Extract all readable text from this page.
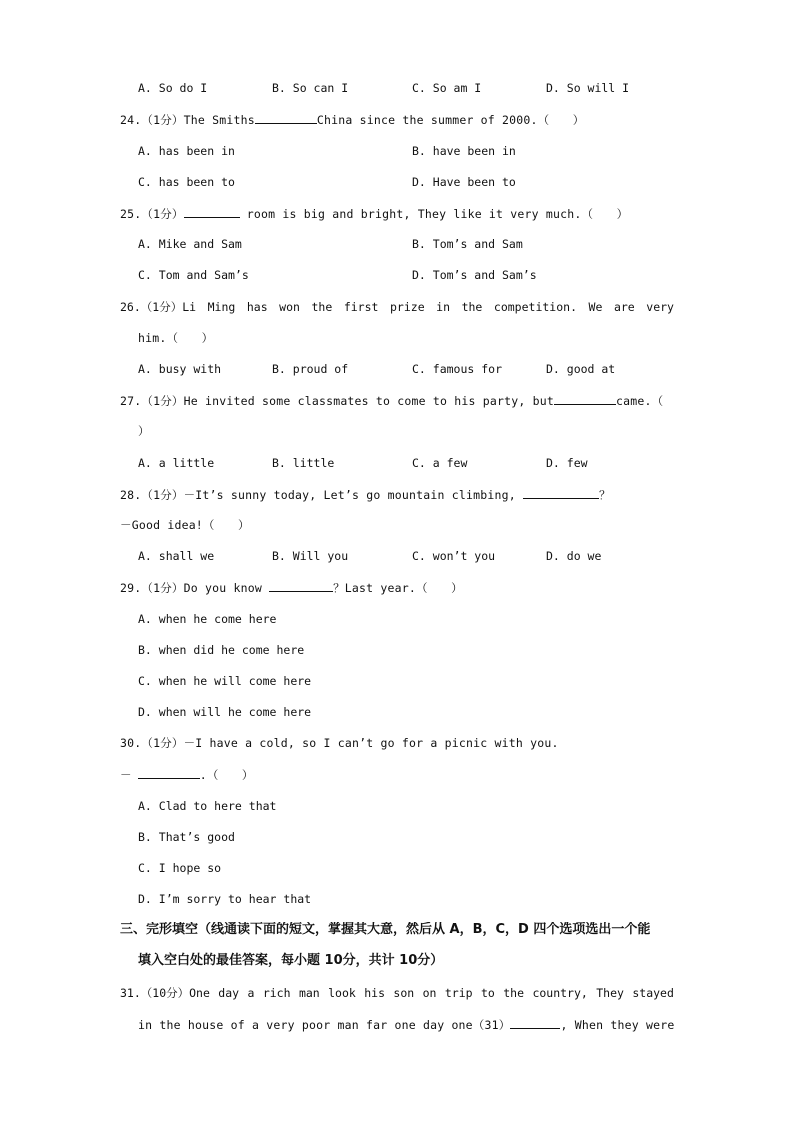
A. So do I	B. So can I	C. So am I	D. So will I
24.（1分）The Smiths	China since the summer of 2000.（　　）
A. has been in	B. have been in
C. has been to	D. Have been to
25.（1分）	room is big and bright, They like it very much.（　　）
A. Mike and Sam	B. Tom’s and Sam
C. Tom and Sam’s	D. Tom’s and Sam’s
26.（1分）Li Ming has won the first prize in the competition. We are very
him.（　　）
A. busy with	B. proud of	C. famous for	D. good at
27.（1分）He invited some classmates to come to his party, but	came.（
）
A. a little	B. little	C. a few	D. few
28.（1分）－It’s sunny today, Let’s go mountain climbing,	？
－Good idea!（　　）
A. shall we	B. Will you	C. won’t you	D. do we
29.（1分）Do you know	？Last year.（　　）
A. when he come here
B. when did he come here
C. when he will come here
D. when will he come here
30.（1分）－I have a cold, so I can’t go for a picnic with you.
－	.（　　）
A. Clad to here that
B. That’s good
C. I hope so
D. I’m sorry to hear that
三、完形填空（线通读下面的短文，掌握其大意，然后从 A，B，C，D 四个选项选出一个能
填入空白处的最佳答案，每小题 10分，共计 10分）
31.（10分）One day a rich man look his son on trip to the country, They stayed
in the house of a very poor man far one day one（31）	, When they were
